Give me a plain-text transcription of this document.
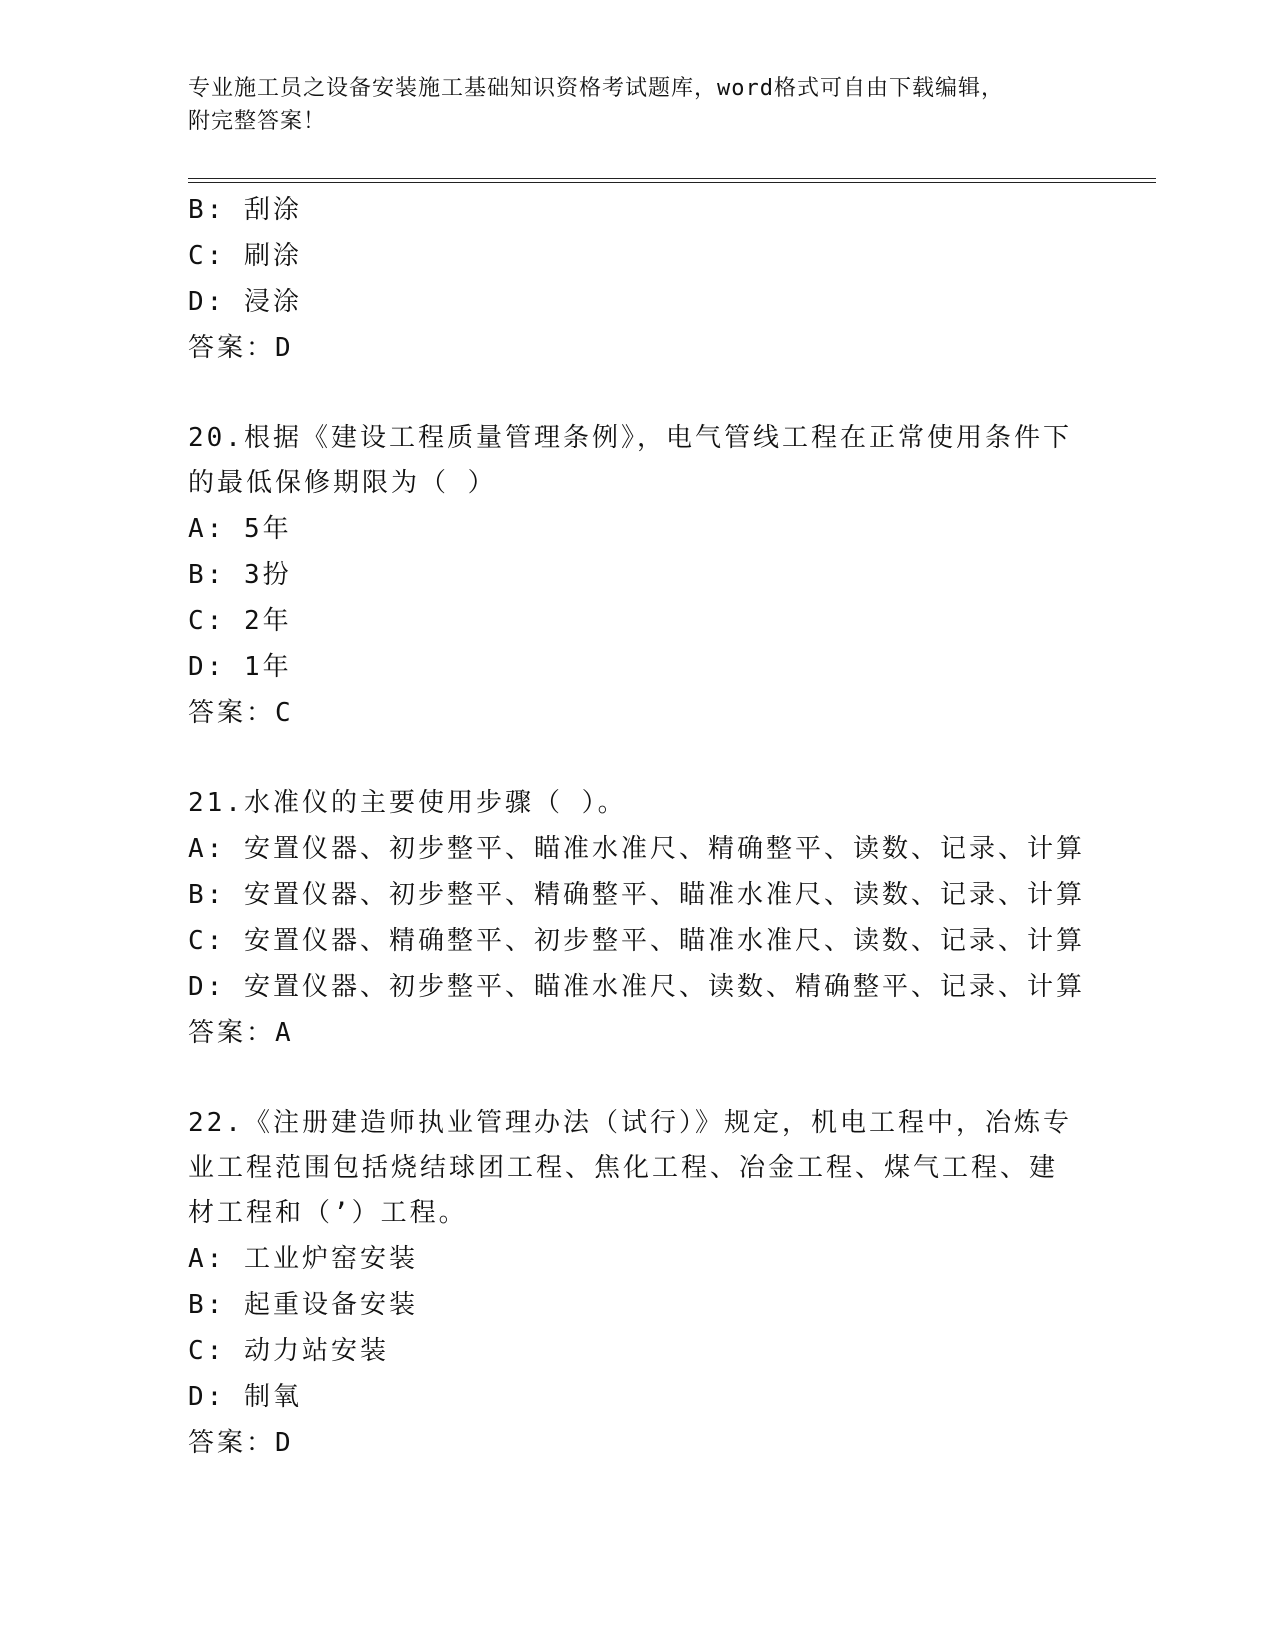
专业施工员之设备安装施工基础知识资格考试题库，word格式可自由下载编辑，
附完整答案！
B: 刮涂
C: 刷涂
D: 浸涂
答案：D
20.根据《建设工程质量管理条例》，电气管线工程在正常使用条件下
的最低保修期限为（ ）
A: 5年
B: 3扮
C: 2年
D: 1年
答案：C
21.水准仪的主要使用步骤（ ）。
A: 安置仪器、初步整平、瞄准水准尺、精确整平、读数、记录、计算
B: 安置仪器、初步整平、精确整平、瞄准水准尺、读数、记录、计算
C: 安置仪器、精确整平、初步整平、瞄准水准尺、读数、记录、计算
D: 安置仪器、初步整平、瞄准水准尺、读数、精确整平、记录、计算
答案：A
22.《注册建造师执业管理办法（试行）》规定，机电工程中，冶炼专
业工程范围包括烧结球团工程、焦化工程、冶金工程、煤气工程、建
材工程和（’）工程。
A: 工业炉窑安装
B: 起重设备安装
C: 动力站安装
D: 制氧
答案：D
